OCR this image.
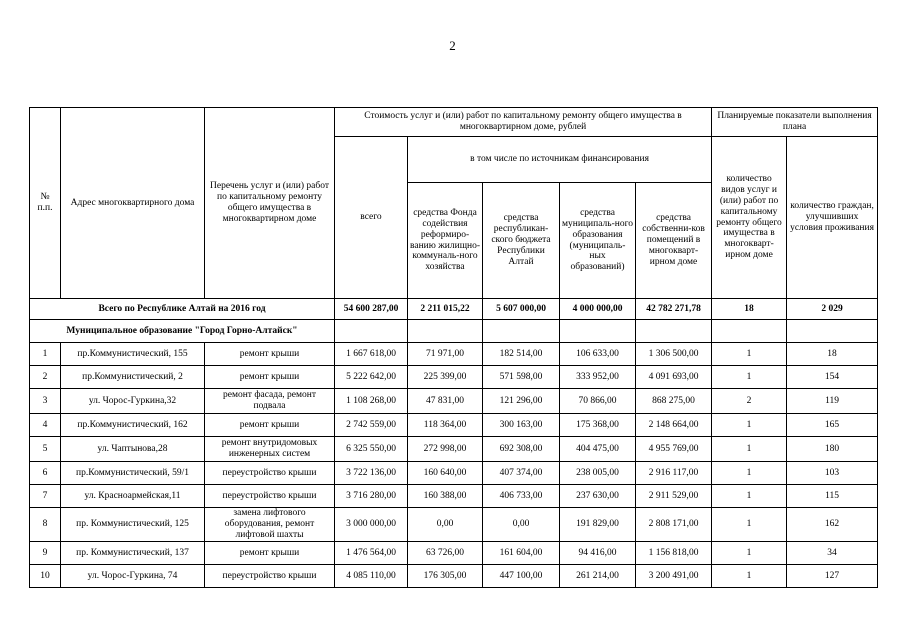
2
№ п.п.	Адрес многоквартирного дома	Перечень услуг и (или) работ по капитальному ремонту общего имущества в многоквартирном доме	Стоимость услуг и (или) работ по капитальному ремонту общего имущества в многоквартирном доме, рублей					Планируемые показатели выполнения плана	
			всего	в том числе по источникам финансирования				количество видов услуг и (или) работ по капитальному ремонту общего имущества в многокварт-ирном доме	количество граждан, улучшивших условия проживания
				средства Фонда содействия реформиро-ванию жилищно-коммуналь-ного хозяйства	средства республикан-ского бюджета Республики Алтай	средства муниципаль-ного образования (муниципаль-ных образований)	средства собственни-ков помещений в многокварт-ирном доме		
Всего по Республике Алтай на 2016 год			54 600 287,00	2 211 015,22	5 607 000,00	4 000 000,00	42 782 271,78	18	2 029
Муниципальное образование "Город Горно-Алтайск"									
1	пр.Коммунистический, 155	ремонт крыши	1 667 618,00	71 971,00	182 514,00	106 633,00	1 306 500,00	1	18
2	пр.Коммунистический, 2	ремонт крыши	5 222 642,00	225 399,00	571 598,00	333 952,00	4 091 693,00	1	154
3	ул. Чорос-Гуркина,32	ремонт фасада, ремонт подвала	1 108 268,00	47 831,00	121 296,00	70 866,00	868 275,00	2	119
4	пр.Коммунистический, 162	ремонт крыши	2 742 559,00	118 364,00	300 163,00	175 368,00	2 148 664,00	1	165
5	ул. Чаптынова,28	ремонт внутридомовых инженерных систем	6 325 550,00	272 998,00	692 308,00	404 475,00	4 955 769,00	1	180
6	пр.Коммунистический, 59/1	переустройство крыши	3 722 136,00	160 640,00	407 374,00	238 005,00	2 916 117,00	1	103
7	ул. Красноармейская,11	переустройство крыши	3 716 280,00	160 388,00	406 733,00	237 630,00	2 911 529,00	1	115
8	пр. Коммунистический, 125	замена лифтового оборудования, ремонт лифтовой шахты	3 000 000,00	0,00	0,00	191 829,00	2 808 171,00	1	162
9	пр. Коммунистический, 137	ремонт крыши	1 476 564,00	63 726,00	161 604,00	94 416,00	1 156 818,00	1	34
10	ул. Чорос-Гуркина, 74	переустройство крыши	4 085 110,00	176 305,00	447 100,00	261 214,00	3 200 491,00	1	127
